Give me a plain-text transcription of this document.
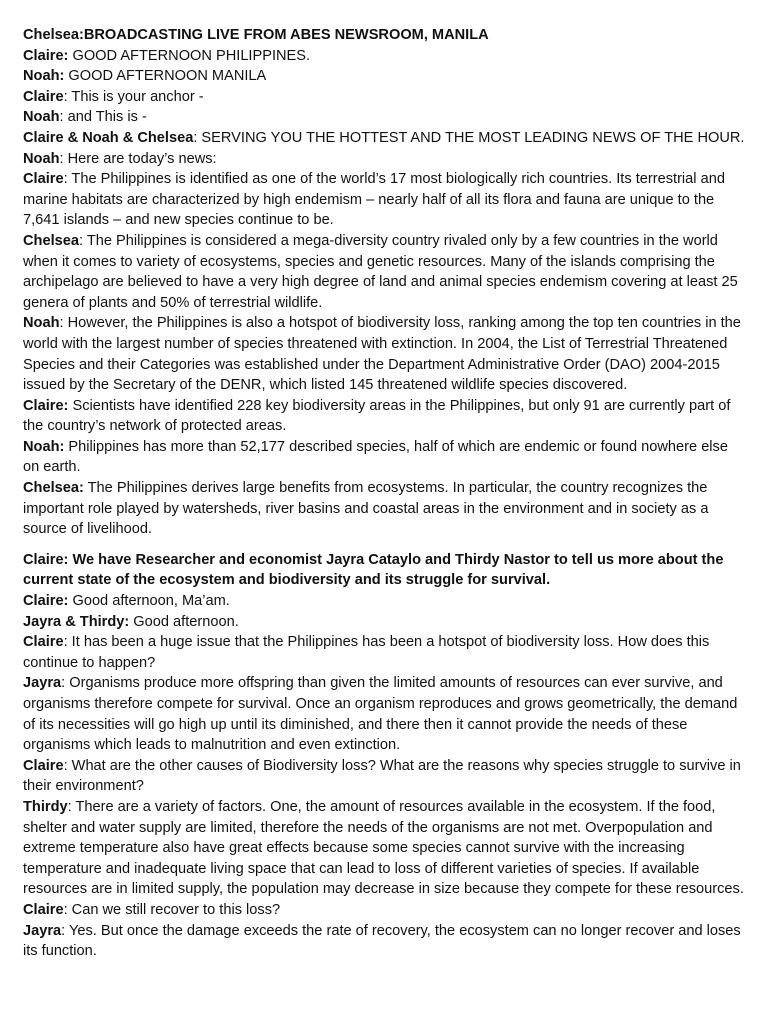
Chelsea:BROADCASTING LIVE FROM ABES NEWSROOM, MANILA

Claire: GOOD AFTERNOON PHILIPPINES.

Noah: GOOD AFTERNOON MANILA

Claire: This is your anchor -

Noah: and This is -

Claire & Noah & Chelsea: SERVING YOU THE HOTTEST AND THE MOST LEADING NEWS OF THE HOUR.

Noah: Here are today’s news:

Claire: The Philippines is identified as one of the world’s 17 most biologically rich countries. Its terrestrial and marine habitats are characterized by high endemism – nearly half of all its flora and fauna are unique to the 7,641 islands – and new species continue to be.

Chelsea: The Philippines is considered a mega-diversity country rivaled only by a few countries in the world when it comes to variety of ecosystems, species and genetic resources. Many of the islands comprising the archipelago are believed to have a very high degree of land and animal species endemism covering at least 25 genera of plants and 50% of terrestrial wildlife.

Noah: However, the Philippines is also a hotspot of biodiversity loss, ranking among the top ten countries in the world with the largest number of species threatened with extinction. In 2004, the List of Terrestrial Threatened Species and their Categories was established under the Department Administrative Order (DAO) 2004-2015 issued by the Secretary of the DENR, which listed 145 threatened wildlife species discovered.

Claire: Scientists have identified 228 key biodiversity areas in the Philippines, but only 91 are currently part of the country’s network of protected areas.

Noah: Philippines has more than 52,177 described species, half of which are endemic or found nowhere else on earth.

Chelsea: The Philippines derives large benefits from ecosystems. In particular, the country recognizes the important role played by watersheds, river basins and coastal areas in the environment and in society as a source of livelihood.

Claire: We have Researcher and economist Jayra Cataylo and Thirdy Nastor to tell us more about the current state of the ecosystem and biodiversity and its struggle for survival.

Claire: Good afternoon, Ma’am.

Jayra & Thirdy: Good afternoon.

Claire: It has been a huge issue that the Philippines has been a hotspot of biodiversity loss. How does this continue to happen?

Jayra: Organisms produce more offspring than given the limited amounts of resources can ever survive, and organisms therefore compete for survival. Once an organism reproduces and grows geometrically, the demand of its necessities will go high up until its diminished, and there then it cannot provide the needs of these organisms which leads to malnutrition and even extinction.

Claire: What are the other causes of Biodiversity loss? What are the reasons why species struggle to survive in their environment?

Thirdy: There are a variety of factors. One, the amount of resources available in the ecosystem. If the food, shelter and water supply are limited, therefore the needs of the organisms are not met. Overpopulation and extreme temperature also have great effects because some species cannot survive with the increasing temperature and inadequate living space that can lead to loss of different varieties of species. If available resources are in limited supply, the population may decrease in size because they compete for these resources.

Claire: Can we still recover to this loss?

Jayra: Yes. But once the damage exceeds the rate of recovery, the ecosystem can no longer recover and loses its function.
